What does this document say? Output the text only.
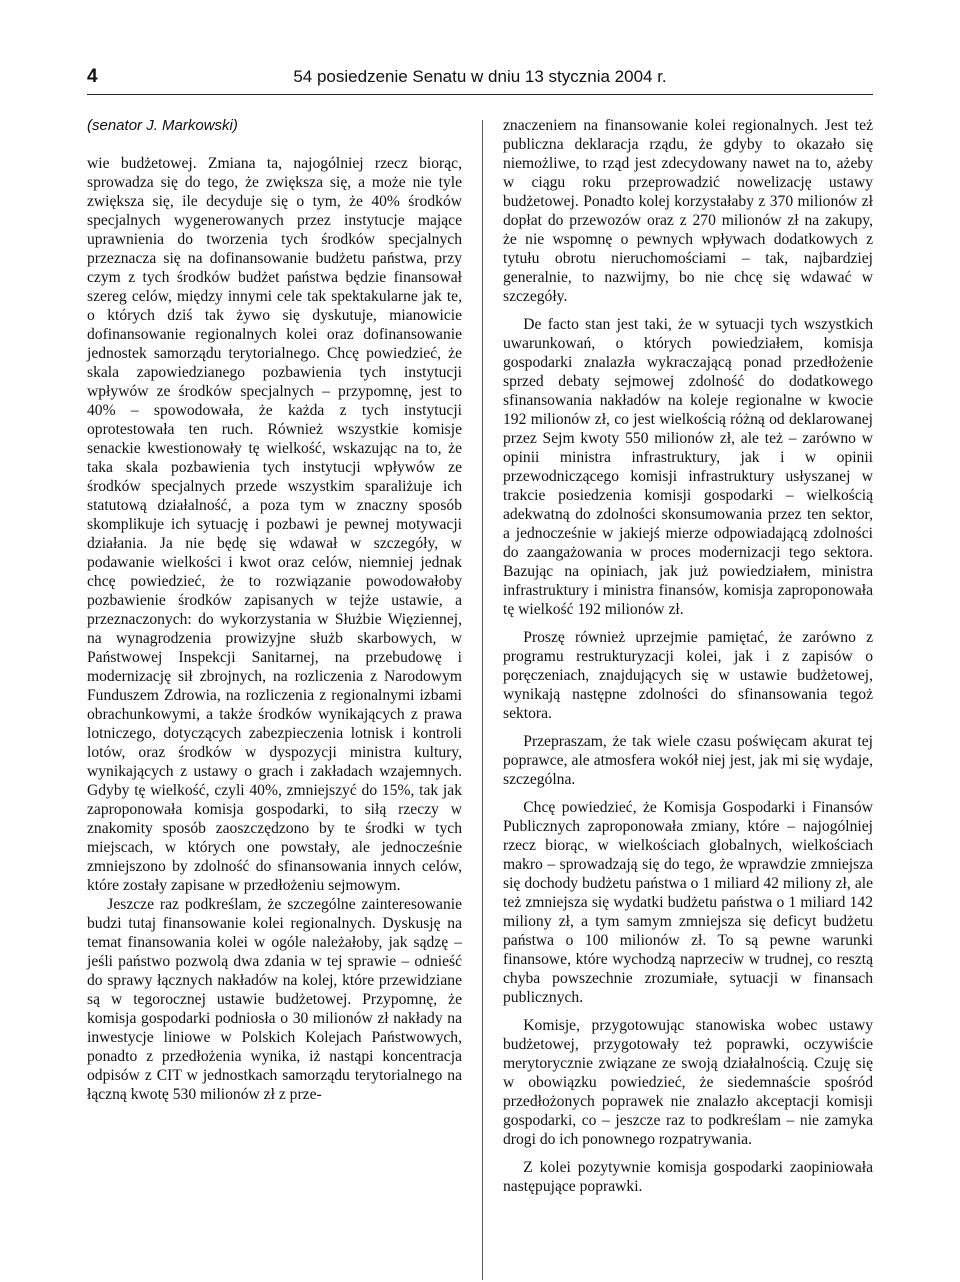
4	54 posiedzenie Senatu w dniu 13 stycznia 2004 r.
(senator J. Markowski)

wie budżetowej. Zmiana ta, najogólniej rzecz biorąc, sprowadza się do tego, że zwiększa się, a może nie tyle zwiększa się, ile decyduje się o tym, że 40% środków specjalnych wygenerowanych przez instytucje mające uprawnienia do tworzenia tych środków specjalnych przeznacza się na dofinansowanie budżetu państwa, przy czym z tych środków budżet państwa będzie finansował szereg celów, między innymi cele tak spektakularne jak te, o których dziś tak żywo się dyskutuje, mianowicie dofinansowanie regionalnych kolei oraz dofinansowanie jednostek samorządu terytorialnego. Chcę powiedzieć, że skala zapowiedzianego pozbawienia tych instytucji wpływów ze środków specjalnych – przypomnę, jest to 40% – spowodowała, że każda z tych instytucji oprotestowała ten ruch. Również wszystkie komisje senackie kwestionowały tę wielkość, wskazując na to, że taka skala pozbawienia tych instytucji wpływów ze środków specjalnych przede wszystkim sparaliżuje ich statutową działalność, a poza tym w znaczny sposób skomplikuje ich sytuację i pozbawi je pewnej motywacji działania. Ja nie będę się wdawał w szczegóły, w podawanie wielkości i kwot oraz celów, niemniej jednak chcę powiedzieć, że to rozwiązanie powodowałoby pozbawienie środków zapisanych w tejże ustawie, a przeznaczonych: do wykorzystania w Służbie Więziennej, na wynagrodzenia prowizyjne służb skarbowych, w Państwowej Inspekcji Sanitarnej, na przebudowę i modernizację sił zbrojnych, na rozliczenia z Narodowym Funduszem Zdrowia, na rozliczenia z regionalnymi izbami obrachunkowymi, a także środków wynikających z prawa lotniczego, dotyczących zabezpieczenia lotnisk i kontroli lotów, oraz środków w dyspozycji ministra kultury, wynikających z ustawy o grach i zakładach wzajemnych. Gdyby tę wielkość, czyli 40%, zmniejszyć do 15%, tak jak zaproponowała komisja gospodarki, to siłą rzeczy w znakomity sposób zaoszczędzono by te środki w tych miejscach, w których one powstały, ale jednocześnie zmniejszono by zdolność do sfinansowania innych celów, które zostały zapisane w przedłożeniu sejmowym.

Jeszcze raz podkreślam, że szczególne zainteresowanie budzi tutaj finansowanie kolei regionalnych. Dyskusję na temat finansowania kolei w ogóle należałoby, jak sądzę – jeśli państwo pozwolą dwa zdania w tej sprawie – odnieść do sprawy łącznych nakładów na kolej, które przewidziane są w tegorocznej ustawie budżetowej. Przypomnę, że komisja gospodarki podniosła o 30 milionów zł nakłady na inwestycje liniowe w Polskich Kolejach Państwowych, ponadto z przedłożenia wynika, iż nastąpi koncentracja odpisów z CIT w jednostkach samorządu terytorialnego na łączną kwotę 530 milionów zł z prze-

znaczeniem na finansowanie kolei regionalnych. Jest też publiczna deklaracja rządu, że gdyby to okazało się niemożliwe, to rząd jest zdecydowany nawet na to, ażeby w ciągu roku przeprowadzić nowelizację ustawy budżetowej. Ponadto kolej korzystałaby z 370 milionów zł dopłat do przewozów oraz z 270 milionów zł na zakupy, że nie wspomnę o pewnych wpływach dodatkowych z tytułu obrotu nieruchomościami – tak, najbardziej generalnie, to nazwijmy, bo nie chcę się wdawać w szczegóły.

De facto stan jest taki, że w sytuacji tych wszystkich uwarunkowań, o których powiedziałem, komisja gospodarki znalazła wykraczającą ponad przedłożenie sprzed debaty sejmowej zdolność do dodatkowego sfinansowania nakładów na koleje regionalne w kwocie 192 milionów zł, co jest wielkością różną od deklarowanej przez Sejm kwoty 550 milionów zł, ale też – zarówno w opinii ministra infrastruktury, jak i w opinii przewodniczącego komisji infrastruktury usłyszanej w trakcie posiedzenia komisji gospodarki – wielkością adekwatną do zdolności skonsumowania przez ten sektor, a jednocześnie w jakiejś mierze odpowiadającą zdolności do zaangażowania w proces modernizacji tego sektora. Bazując na opiniach, jak już powiedziałem, ministra infrastruktury i ministra finansów, komisja zaproponowała tę wielkość 192 milionów zł.

Proszę również uprzejmie pamiętać, że zarówno z programu restrukturyzacji kolei, jak i z zapisów o poręczeniach, znajdujących się w ustawie budżetowej, wynikają następne zdolności do sfinansowania tegoż sektora.

Przepraszam, że tak wiele czasu poświęcam akurat tej poprawce, ale atmosfera wokół niej jest, jak mi się wydaje, szczególna.

Chcę powiedzieć, że Komisja Gospodarki i Finansów Publicznych zaproponowała zmiany, które – najogólniej rzecz biorąc, w wielkościach globalnych, wielkościach makro – sprowadzają się do tego, że wprawdzie zmniejsza się dochody budżetu państwa o 1 miliard 42 miliony zł, ale też zmniejsza się wydatki budżetu państwa o 1 miliard 142 miliony zł, a tym samym zmniejsza się deficyt budżetu państwa o 100 milionów zł. To są pewne warunki finansowe, które wychodzą naprzeciw w trudnej, co resztą chyba powszechnie zrozumiałe, sytuacji w finansach publicznych.

Komisje, przygotowując stanowiska wobec ustawy budżetowej, przygotowały też poprawki, oczywiście merytorycznie związane ze swoją działalnością. Czuję się w obowiązku powiedzieć, że siedemnaście spośród przedłożonych poprawek nie znalazło akceptacji komisji gospodarki, co – jeszcze raz to podkreślam – nie zamyka drogi do ich ponownego rozpatrywania.

Z kolei pozytywnie komisja gospodarki zaopiniowała następujące poprawki.
